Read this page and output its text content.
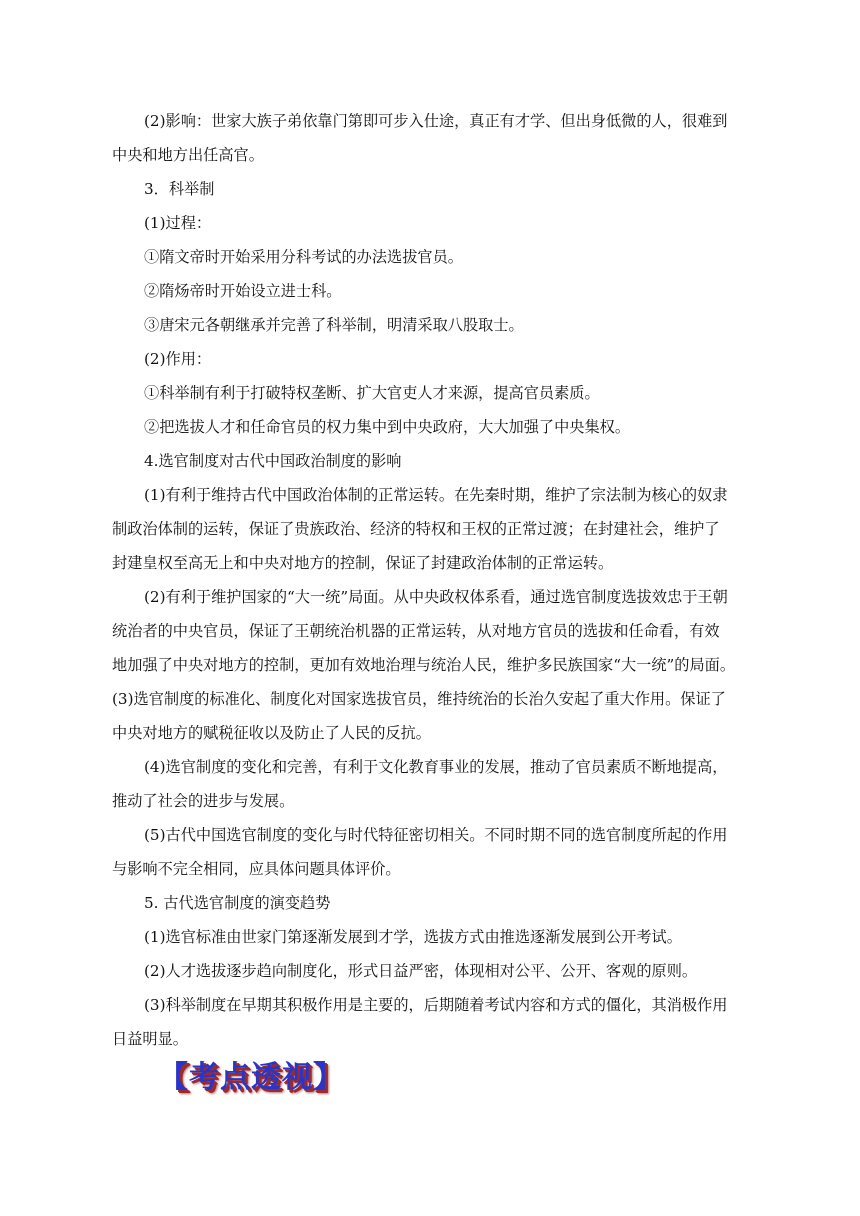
(2)影响：世家大族子弟依靠门第即可步入仕途，真正有才学、但出身低微的人，很难到
中央和地方出任高官。
3．科举制
(1)过程：
①隋文帝时开始采用分科考试的办法选拔官员。
②隋炀帝时开始设立进士科。
③唐宋元各朝继承并完善了科举制，明清采取八股取士。
(2)作用：
①科举制有利于打破特权垄断、扩大官吏人才来源，提高官员素质。
②把选拔人才和任命官员的权力集中到中央政府，大大加强了中央集权。
4.选官制度对古代中国政治制度的影响
(1)有利于维持古代中国政治体制的正常运转。在先秦时期，维护了宗法制为核心的奴隶
制政治体制的运转，保证了贵族政治、经济的特权和王权的正常过渡；在封建社会，维护了
封建皇权至高无上和中央对地方的控制，保证了封建政治体制的正常运转。
(2)有利于维护国家的“大一统”局面。从中央政权体系看，通过选官制度选拔效忠于王朝
统治者的中央官员，保证了王朝统治机器的正常运转，从对地方官员的选拔和任命看，有效
地加强了中央对地方的控制，更加有效地治理与统治人民，维护多民族国家“大一统”的局面。
(3)选官制度的标准化、制度化对国家选拔官员，维持统治的长治久安起了重大作用。保证了
中央对地方的赋税征收以及防止了人民的反抗。
(4)选官制度的变化和完善，有利于文化教育事业的发展，推动了官员素质不断地提高，
推动了社会的进步与发展。
(5)古代中国选官制度的变化与时代特征密切相关。不同时期不同的选官制度所起的作用
与影响不完全相同，应具体问题具体评价。
5. 古代选官制度的演变趋势
(1)选官标准由世家门第逐渐发展到才学，选拔方式由推选逐渐发展到公开考试。
(2)人才选拔逐步趋向制度化，形式日益严密，体现相对公平、公开、客观的原则。
(3)科举制度在早期其积极作用是主要的，后期随着考试内容和方式的僵化，其消极作用
日益明显。
【考点透视】
